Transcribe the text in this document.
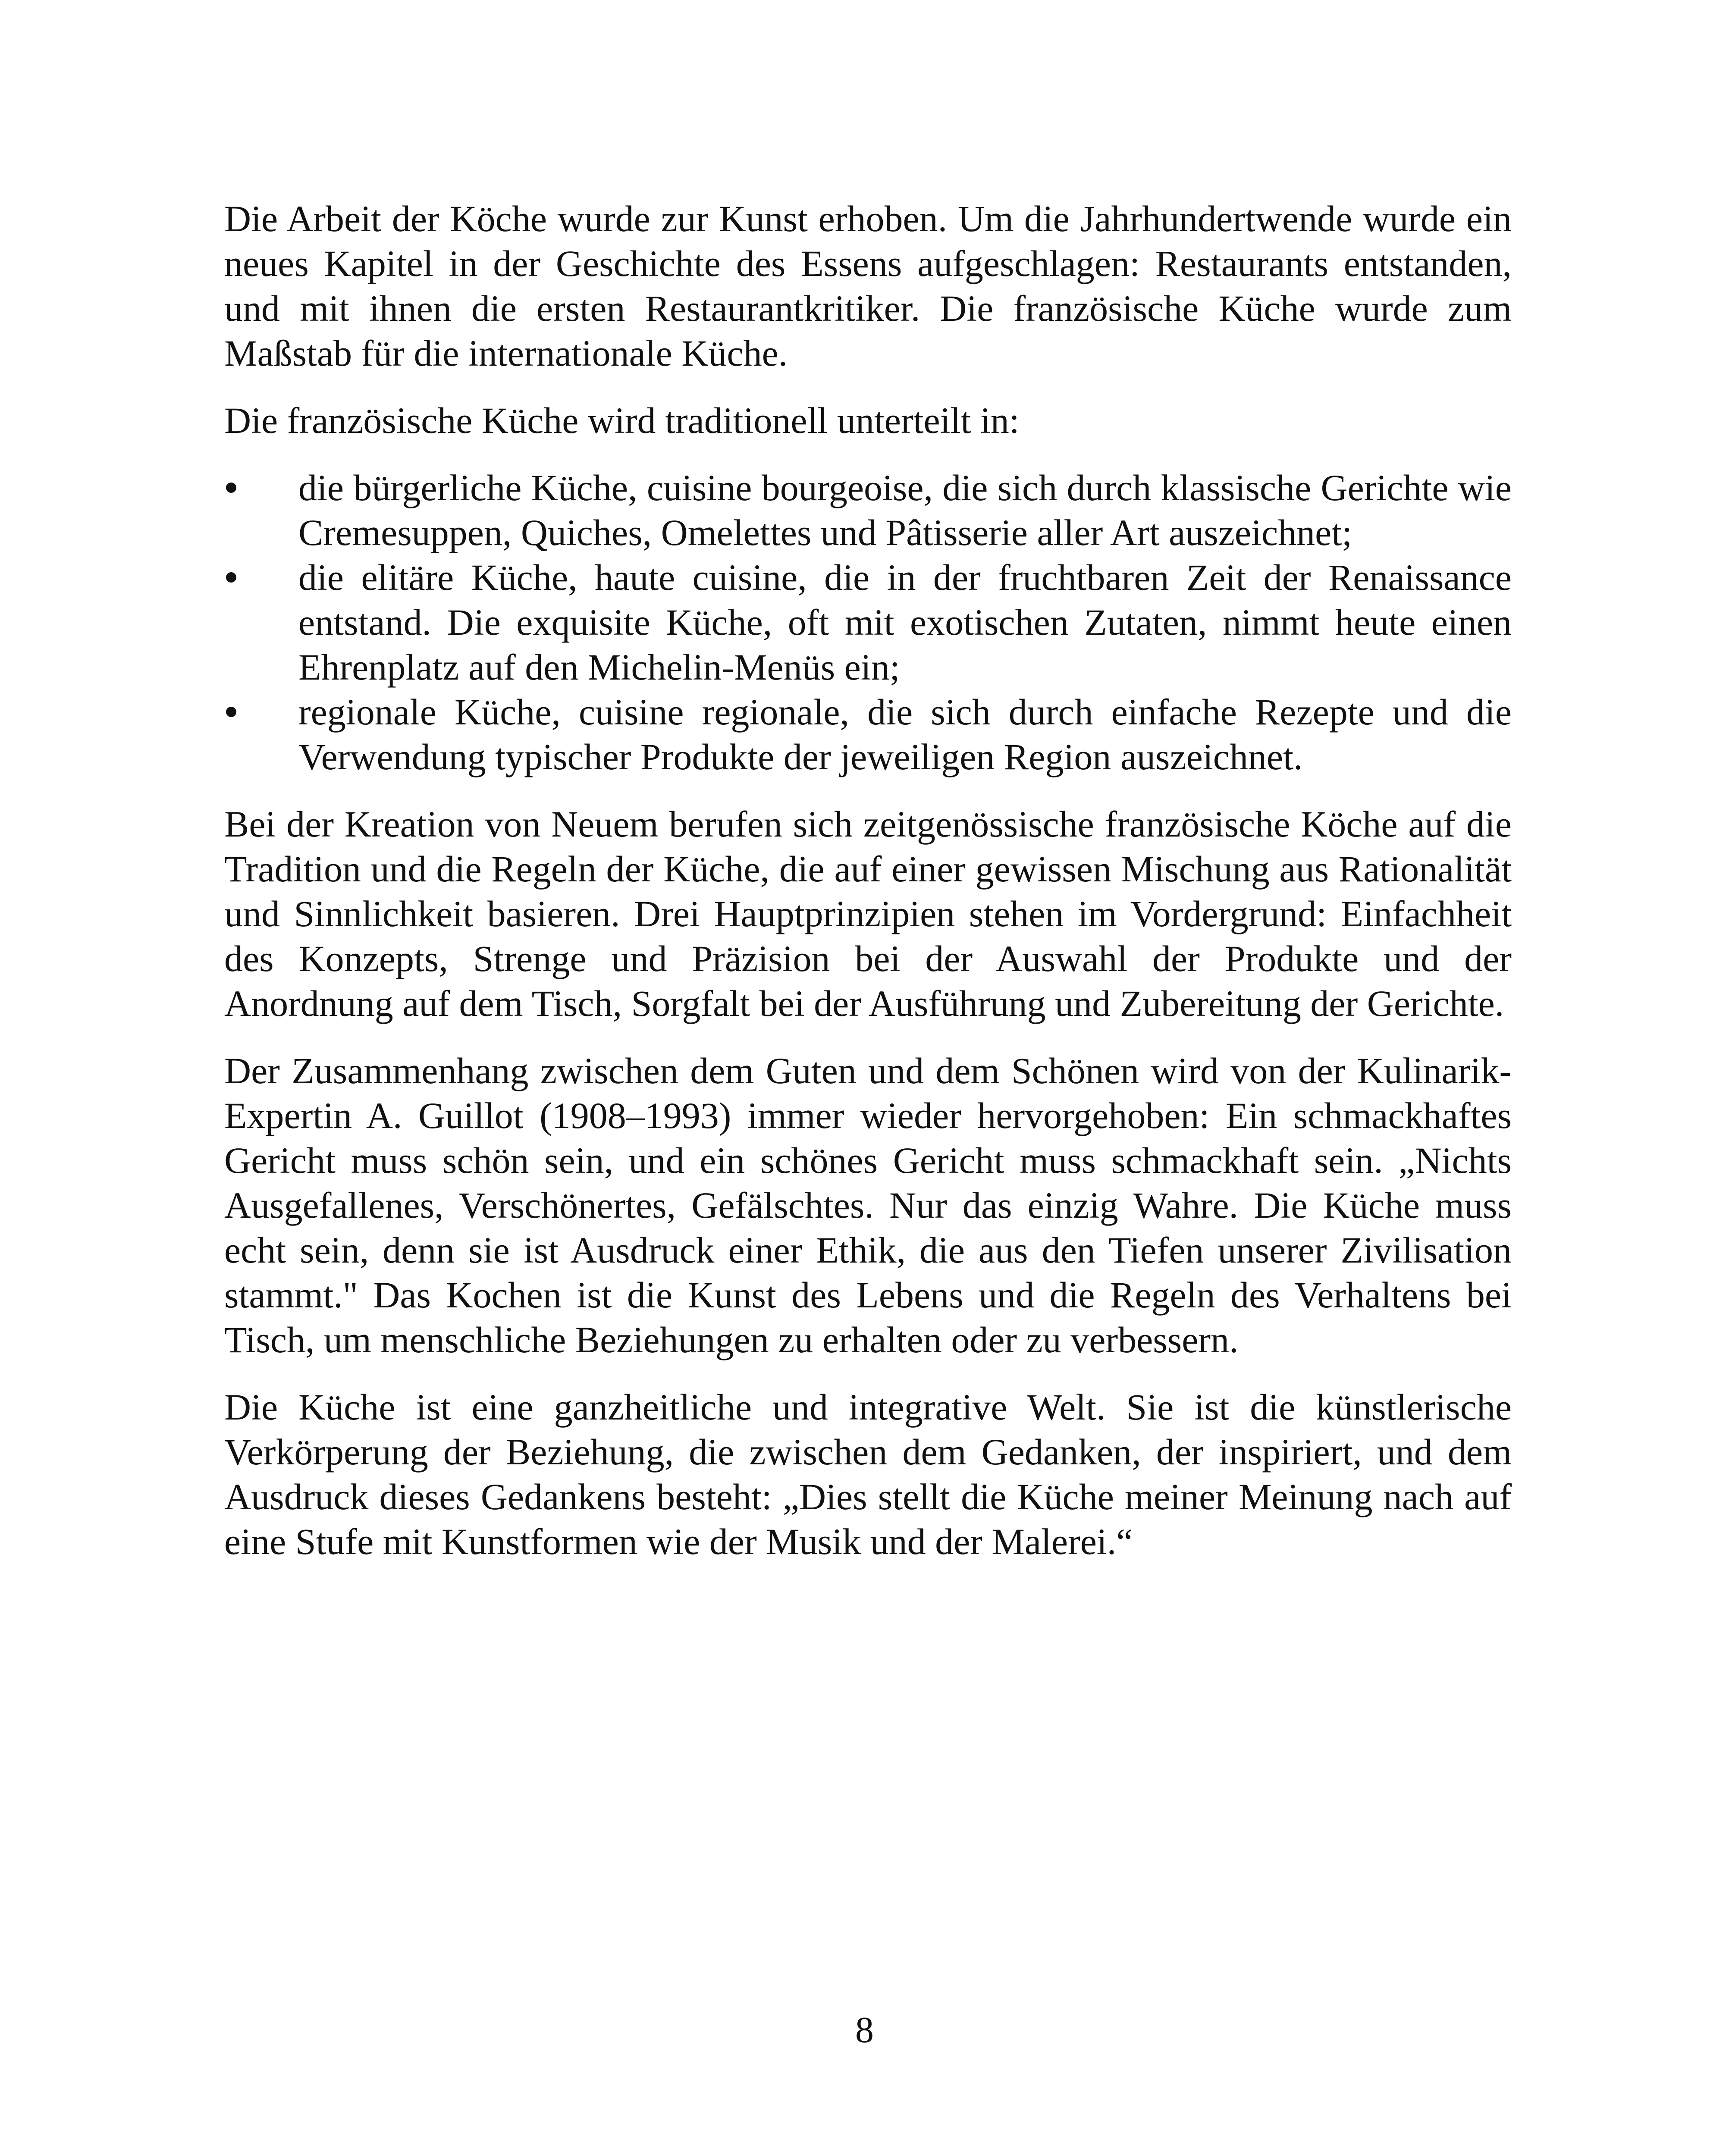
Die Arbeit der Köche wurde zur Kunst erhoben. Um die Jahrhundertwende wurde ein neues Kapitel in der Geschichte des Essens aufgeschlagen: Restaurants entstanden, und mit ihnen die ersten Restaurantkritiker. Die französische Küche wurde zum Maßstab für die internationale Küche.

Die französische Küche wird traditionell unterteilt in:

die bürgerliche Küche, cuisine bourgeoise, die sich durch klassische Gerichte wie Cremesuppen, Quiches, Omelettes und Pâtisserie aller Art auszeichnet;
die elitäre Küche, haute cuisine, die in der fruchtbaren Zeit der Renaissance entstand. Die exquisite Küche, oft mit exotischen Zutaten, nimmt heute einen Ehrenplatz auf den Michelin-Menüs ein;
regionale Küche, cuisine regionale, die sich durch einfache Rezepte und die Verwendung typischer Produkte der jeweiligen Region auszeichnet.

Bei der Kreation von Neuem berufen sich zeitgenössische französische Köche auf die Tradition und die Regeln der Küche, die auf einer gewissen Mischung aus Rationalität und Sinnlichkeit basieren. Drei Hauptprinzipien stehen im Vordergrund: Einfachheit des Konzepts, Strenge und Präzision bei der Auswahl der Produkte und der Anordnung auf dem Tisch, Sorgfalt bei der Ausführung und Zubereitung der Gerichte.

Der Zusammenhang zwischen dem Guten und dem Schönen wird von der Kulinarik-Expertin A. Guillot (1908–1993) immer wieder hervorgehoben: Ein schmackhaftes Gericht muss schön sein, und ein schönes Gericht muss schmackhaft sein. „Nichts Ausgefallenes, Verschönertes, Gefälschtes. Nur das einzig Wahre. Die Küche muss echt sein, denn sie ist Ausdruck einer Ethik, die aus den Tiefen unserer Zivilisation stammt." Das Kochen ist die Kunst des Lebens und die Regeln des Verhaltens bei Tisch, um menschliche Beziehungen zu erhalten oder zu verbessern.

Die Küche ist eine ganzheitliche und integrative Welt. Sie ist die künstlerische Verkörperung der Beziehung, die zwischen dem Gedanken, der inspiriert, und dem Ausdruck dieses Gedankens besteht: „Dies stellt die Küche meiner Meinung nach auf eine Stufe mit Kunstformen wie der Musik und der Malerei.“

8
